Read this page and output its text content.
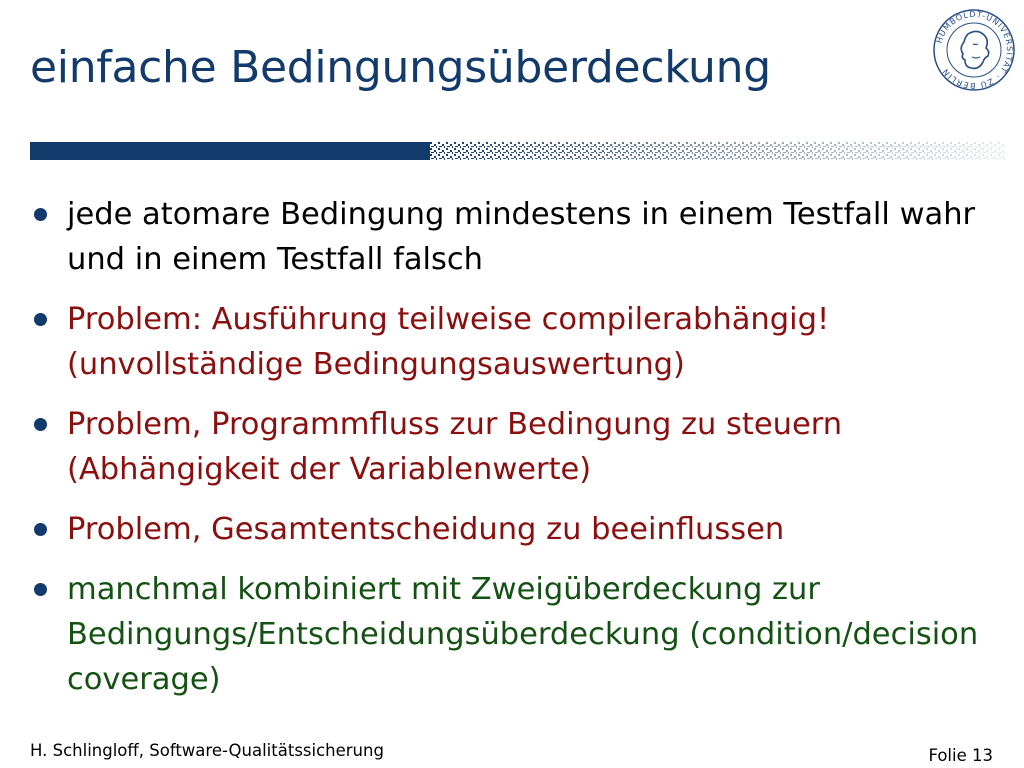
einfache Bedingungsüberdeckung
HUMBOLDT-UNIVERSITÄT · ZU BERLIN
jede atomare Bedingung mindestens in einem Testfall wahr und in einem Testfall falsch
Problem: Ausführung teilweise compilerabhängig! (unvollständige Bedingungsauswertung)
Problem, Programmfluss zur Bedingung zu steuern (Abhängigkeit der Variablenwerte)
Problem, Gesamtentscheidung zu beeinflussen
manchmal kombiniert mit Zweigüberdeckung zur Bedingungs/Entscheidungsüberdeckung (condition/decision coverage)
H. Schlingloff, Software-Qualitätssicherung	Folie 13
